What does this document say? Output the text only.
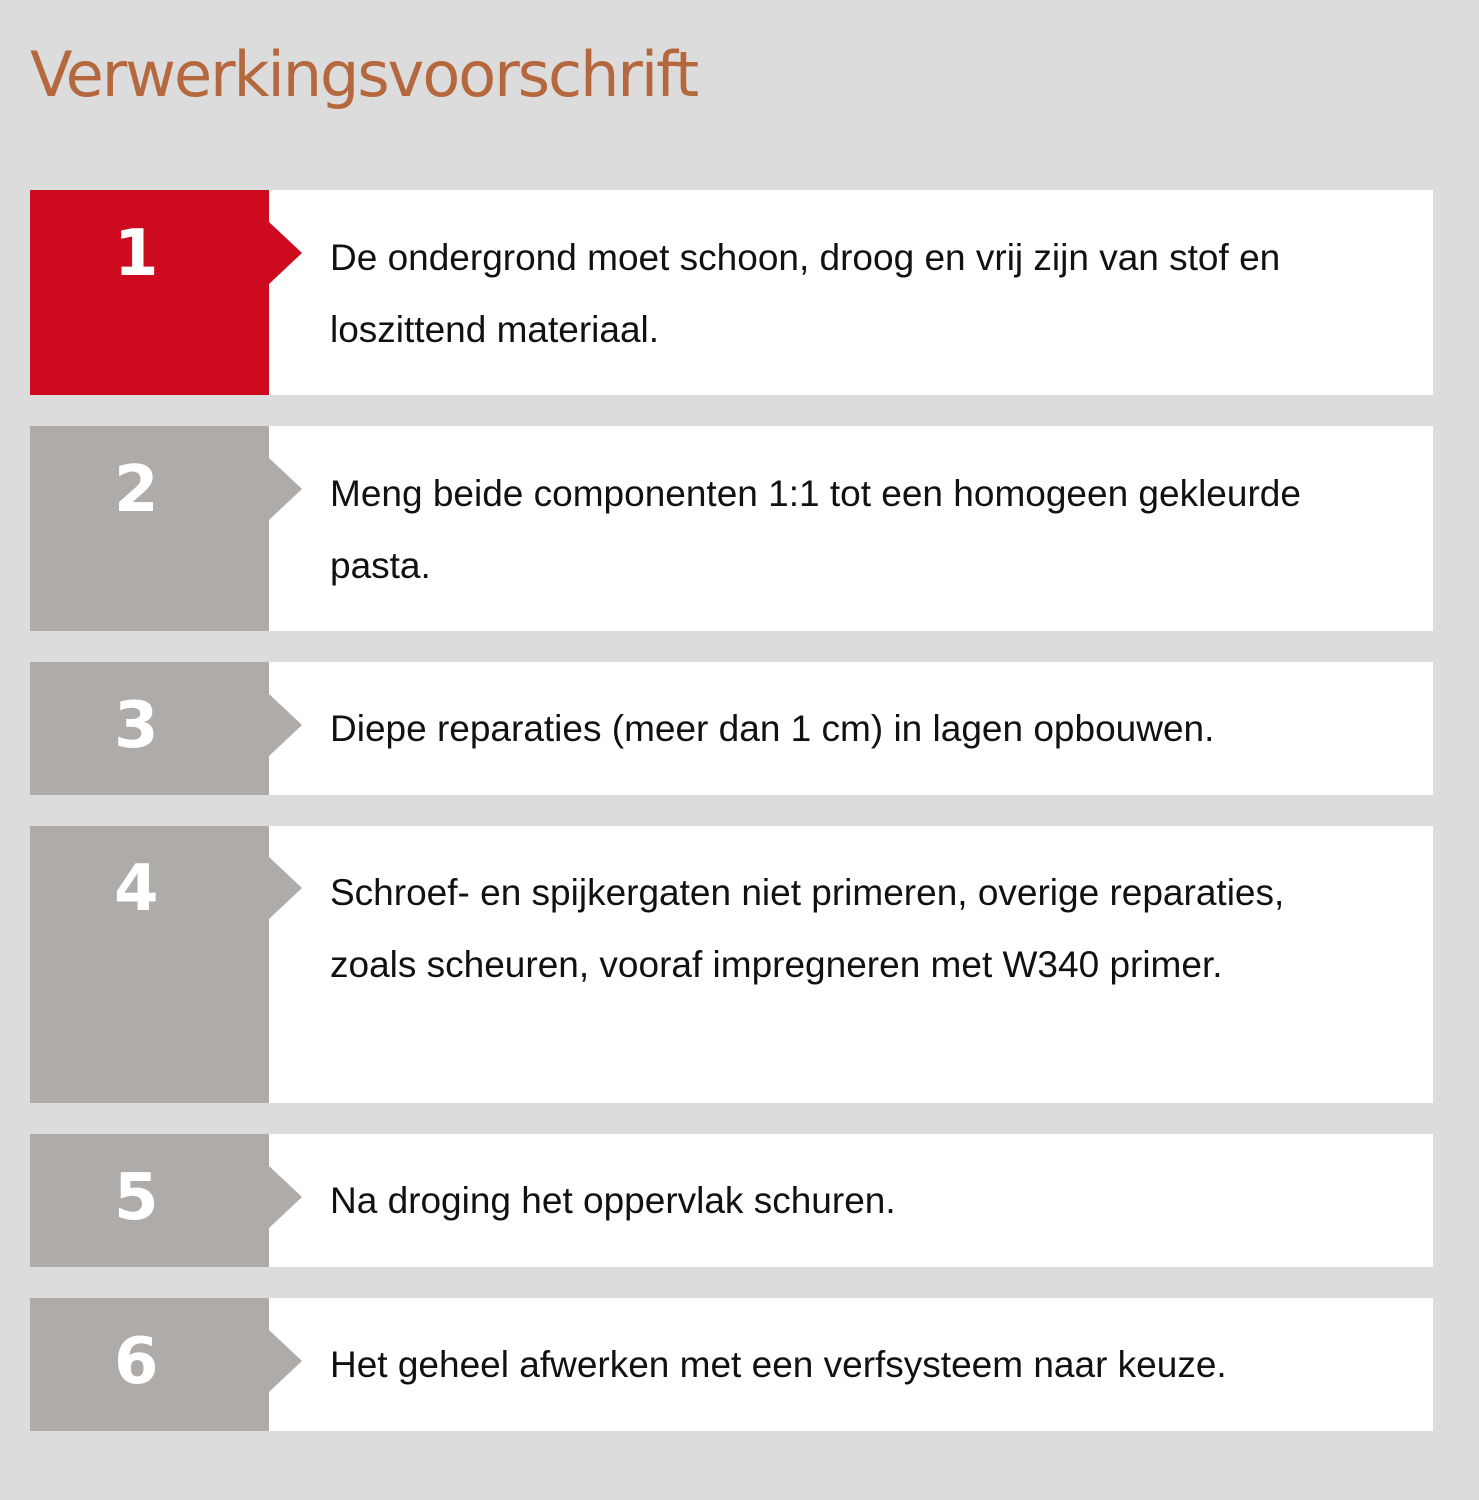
Verwerkingsvoorschrift
1	De ondergrond moet schoon, droog en vrij zijn van stof en loszittend materiaal.

2	Meng beide componenten 1:1 tot een homogeen gekleurde pasta.

3	Diepe reparaties (meer dan 1 cm) in lagen opbouwen.

4	Schroef- en spijkergaten niet primeren, overige reparaties, zoals scheuren, vooraf impregneren met W340 primer.

5	Na droging het oppervlak schuren.

6	Het geheel afwerken met een verfsysteem naar keuze.
